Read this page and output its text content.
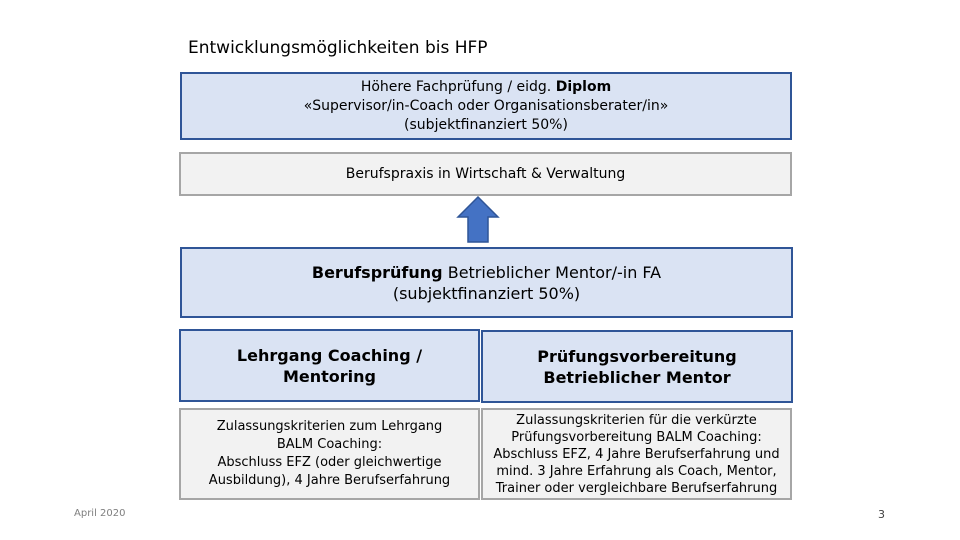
Entwicklungsmöglichkeiten bis HFP
Höhere Fachprüfung / eidg. Diplom
«Supervisor/in-Coach oder Organisationsberater/in»
(subjektfinanziert 50%)
Berufspraxis in Wirtschaft & Verwaltung
Berufsprüfung Betrieblicher Mentor/-in FA
(subjektfinanziert 50%)
Lehrgang Coaching /
Mentoring
Prüfungsvorbereitung
Betrieblicher Mentor
Zulassungskriterien zum Lehrgang
BALM Coaching:
Abschluss EFZ (oder gleichwertige
Ausbildung), 4 Jahre Berufserfahrung
Zulassungskriterien für die verkürzte
Prüfungsvorbereitung BALM Coaching:
Abschluss EFZ, 4 Jahre Berufserfahrung und
mind. 3 Jahre Erfahrung als Coach, Mentor,
Trainer oder vergleichbare Berufserfahrung
April 2020	3
